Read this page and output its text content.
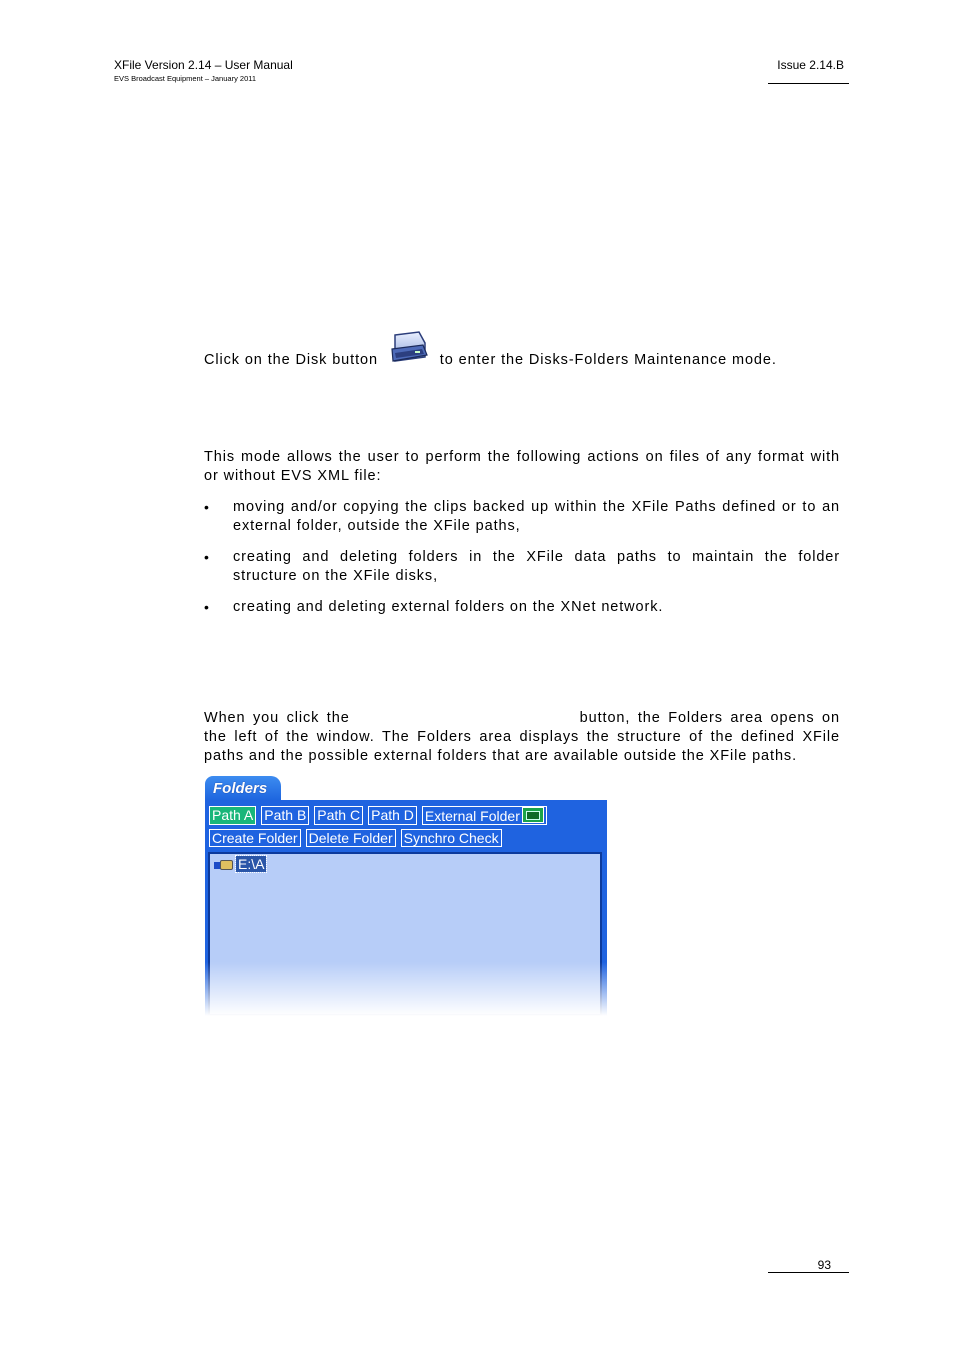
XFile Version 2.14 – User Manual
EVS Broadcast Equipment – January 2011
Issue 2.14.B
Click on the Disk button	to enter the Disks-Folders Maintenance mode.
This mode allows the user to perform the following actions on files of any format with or without EVS XML file:
• moving and/or copying the clips backed up within the XFile Paths defined or to an external folder, outside the XFile paths,
• creating and deleting folders in the XFile data paths to maintain the folder structure on the XFile disks,
• creating and deleting external folders on the XNet network.
When you click the	button, the Folders area opens on the left of the window. The Folders area displays the structure of the defined XFile paths and the possible external folders that are available outside the XFile paths.
Folders
Path A Path B Path C Path D External Folder
Create Folder Delete Folder Synchro Check
E:\A
93
